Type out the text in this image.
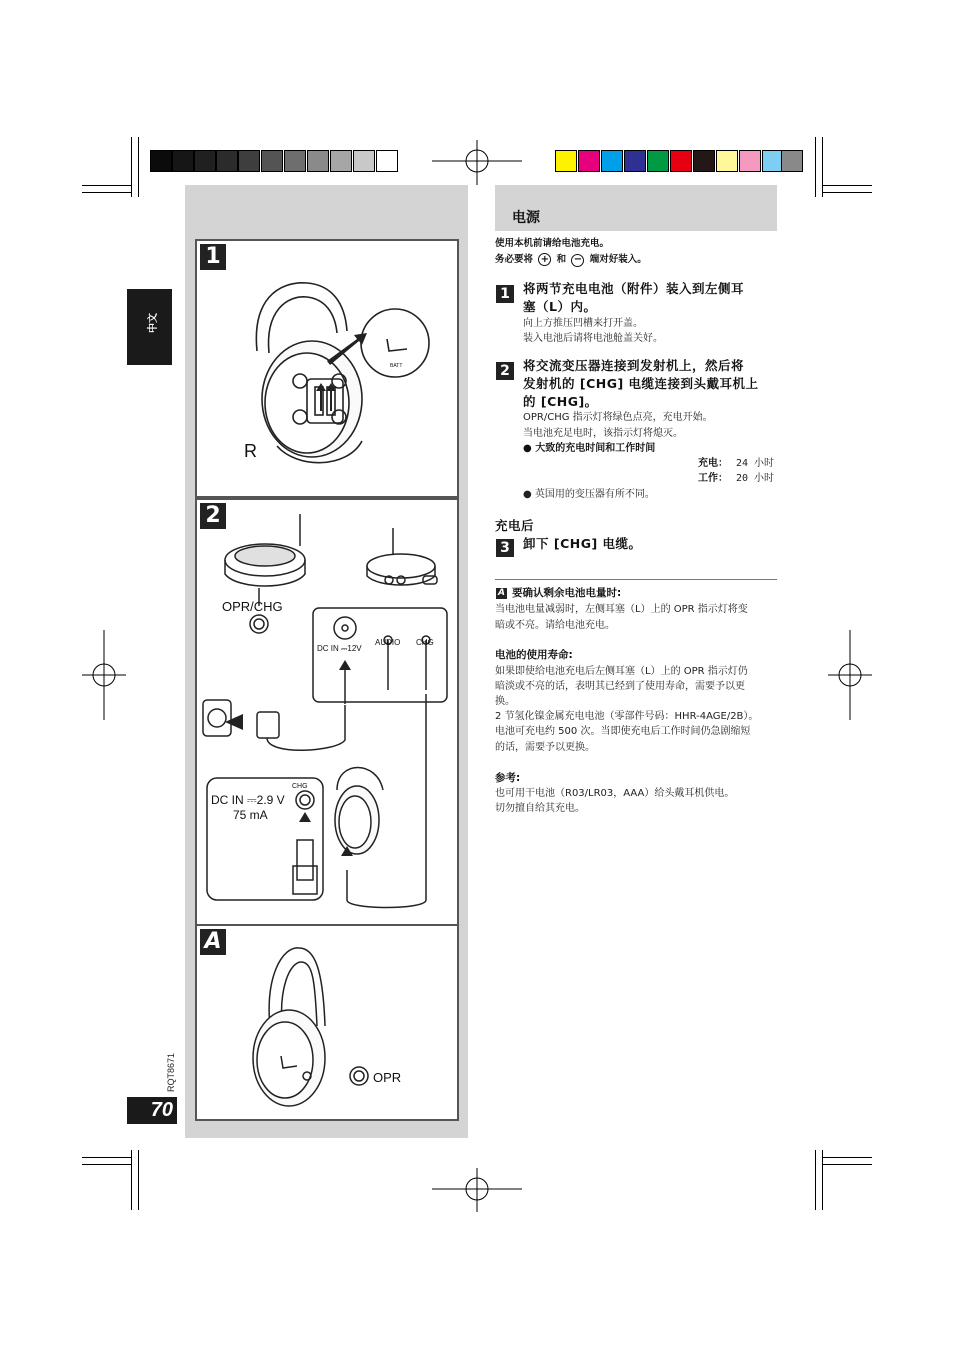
中文
RQT8671
70
1
R
BATT
2
OPR/CHG
DC IN ⎓12V
AUDIO CHG
CHG
DC IN ⎓2.9 V
75 mA
A
OPR
电源
使用本机前请给电池充电。
务必要将 + 和 − 端对好装入。
1	将两节充电电池（附件）装入到左侧耳
塞（L）内。
向上方推压凹槽来打开盖。
装入电池后请将电池舱盖关好。
2	将交流变压器连接到发射机上，然后将
发射机的 [CHG] 电缆连接到头戴耳机上
的 [CHG]。
OPR/CHG 指示灯将绿色点亮，充电开始。
当电池充足电时，该指示灯将熄灭。
● 大致的充电时间和工作时间
充电： 24 小时
工作： 20 小时
● 英国用的变压器有所不同。
充电后
3	卸下 [CHG] 电缆。
A 要确认剩余电池电量时:
当电池电量减弱时，左侧耳塞（L）上的 OPR 指示灯将变
暗或不亮。请给电池充电。
电池的使用寿命:
如果即使给电池充电后左侧耳塞（L）上的 OPR 指示灯仍
暗淡或不亮的话，表明其已经到了使用寿命，需要予以更
换。
2 节氢化镍金属充电电池（零部件号码：HHR-4AGE/2B）。
电池可充电约 500 次。当即使充电后工作时间仍急剧缩短
的话，需要予以更换。
参考:
也可用干电池（R03/LR03，AAA）给头戴耳机供电。
切勿擅自给其充电。
